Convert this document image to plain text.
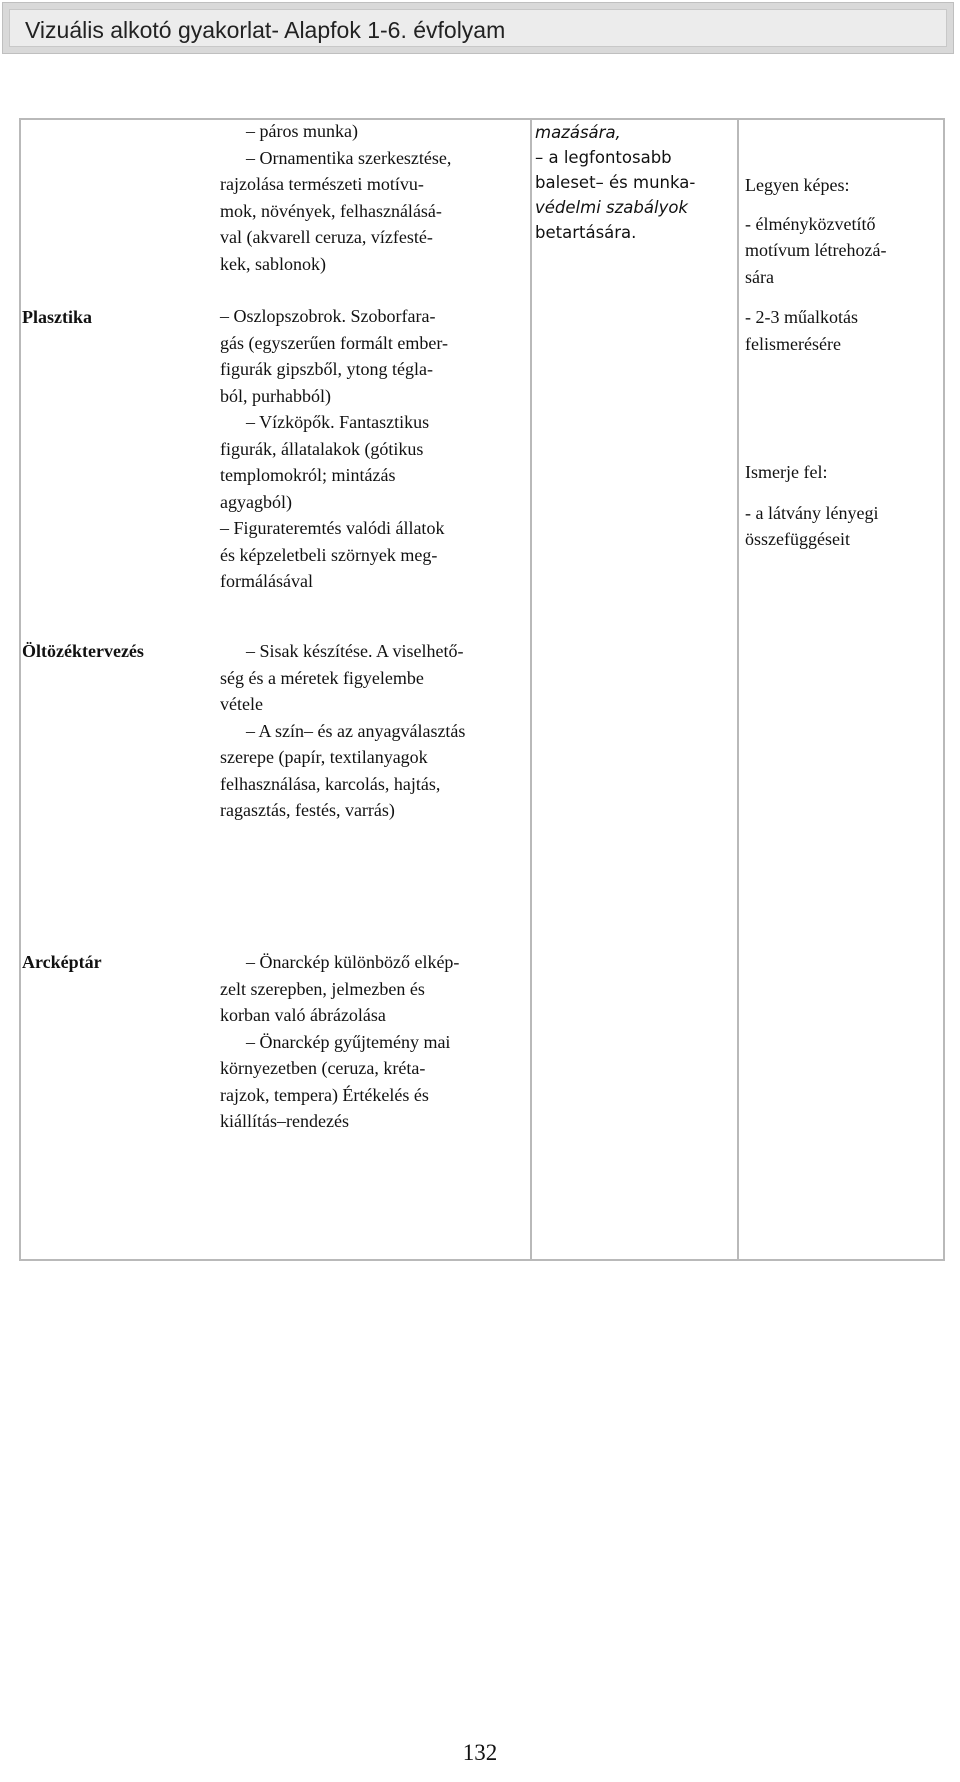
Vizuális alkotó gyakorlat- Alapfok 1-6. évfolyam
Plasztika
– páros munka)
– Ornamentika szerkesztése,
rajzolása természeti motívu-
mok, növények, felhasználásá-
val (akvarell ceruza, vízfesté-
kek, sablonok)
– Oszlopszobrok. Szoborfara-
gás (egyszerűen formált ember-
figurák gipszből, ytong tégla-
ból, purhabból)
– Vízköpők. Fantasztikus
figurák, állatalakok (gótikus
templomokról; mintázás
agyagból)
– Figurateremtés valódi állatok
és képzeletbeli szörnyek meg-
formálásával
mazására,
– a legfontosabb
baleset– és munka-
védelmi szabályok
betartására.
Legyen képes:
- élményközvetítő
motívum létrehozá-
sára
- 2-3 műalkotás
felismerésére
Ismerje fel:
- a látvány lényegi
összefüggéseit
Öltözéktervezés	– Sisak készítése. A viselhető-
ség és a méretek figyelembe
vétele
– A szín– és az anyagválasztás
szerepe (papír, textilanyagok
felhasználása, karcolás, hajtás,
ragasztás, festés, varrás)
Arcképtár	– Önarckép különböző elkép-
zelt szerepben, jelmezben és
korban való ábrázolása
– Önarckép gyűjtemény mai
környezetben (ceruza, kréta-
rajzok, tempera) Értékelés és
kiállítás–rendezés
132
